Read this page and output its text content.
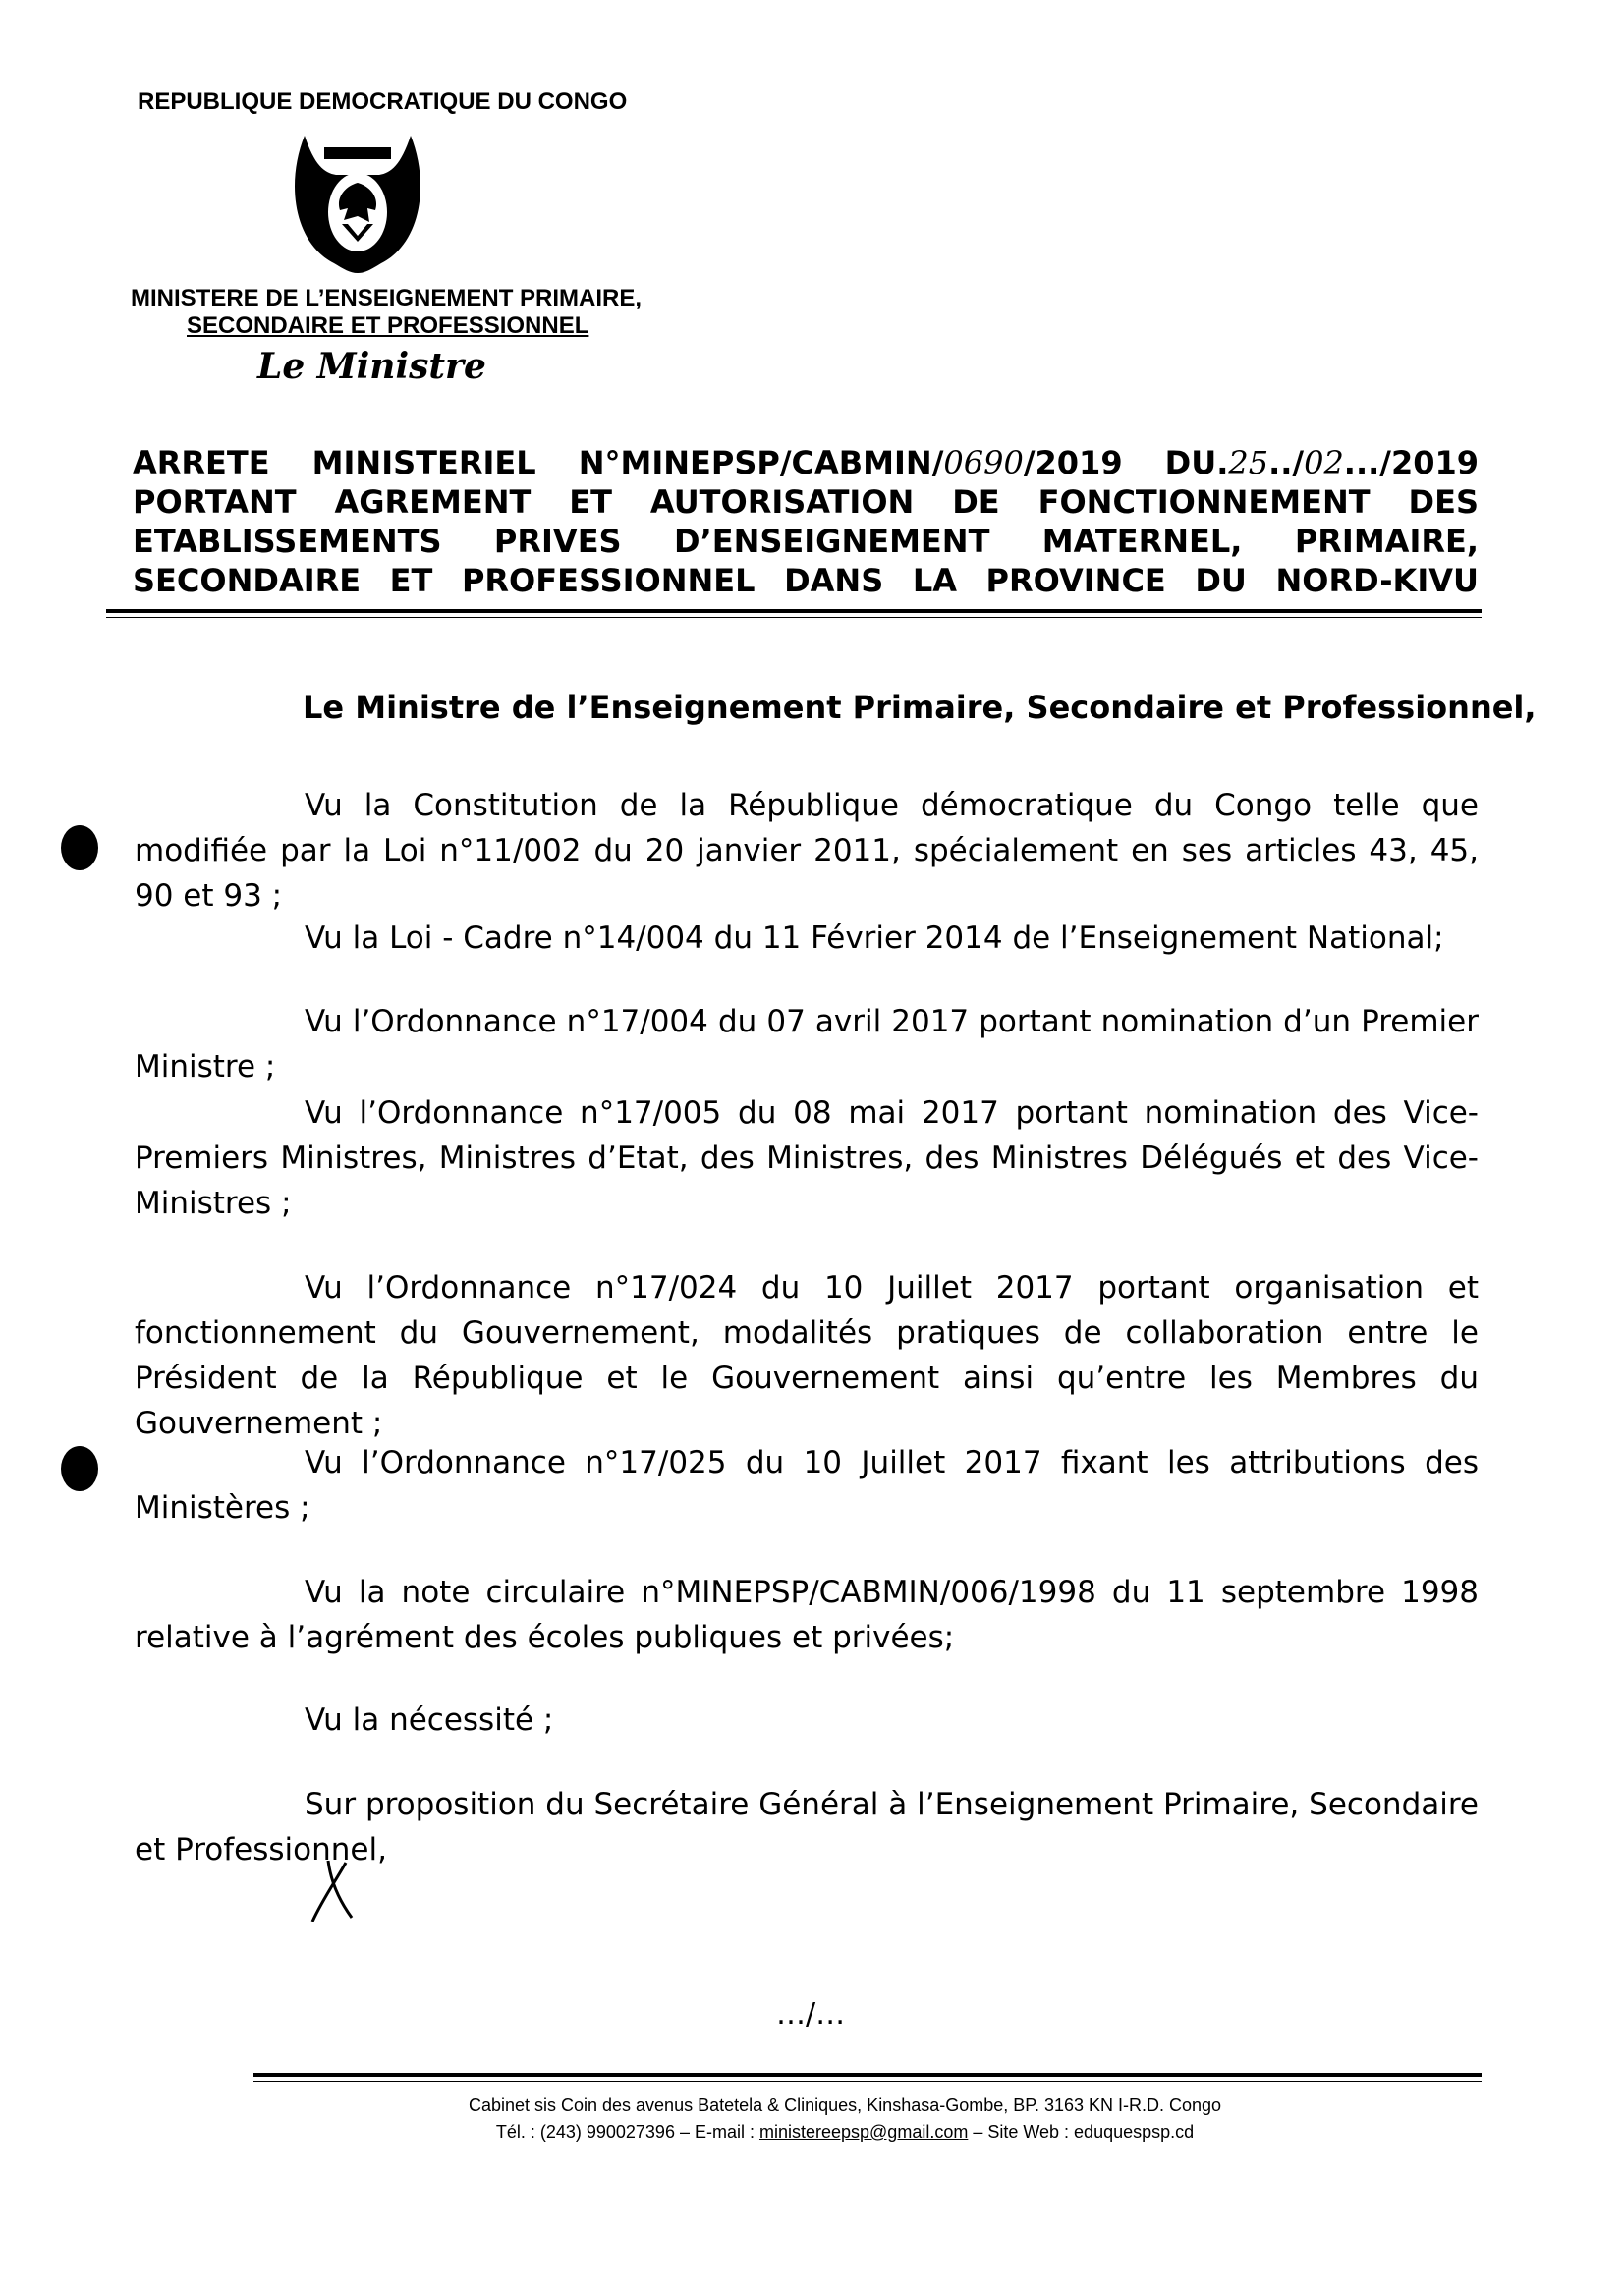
REPUBLIQUE DEMOCRATIQUE DU CONGO
MINISTERE DE L’ENSEIGNEMENT PRIMAIRE,
SECONDAIRE ET PROFESSIONNEL
Le Ministre
ARRETE MINISTERIEL N°MINEPSP/CABMIN/0690/2019 DU.25../02.../2019
PORTANT AGREMENT ET AUTORISATION DE FONCTIONNEMENT DES
ETABLISSEMENTS PRIVES D’ENSEIGNEMENT MATERNEL, PRIMAIRE,
SECONDAIRE ET PROFESSIONNEL DANS LA PROVINCE DU NORD-KIVU
Le Ministre de l’Enseignement Primaire, Secondaire et Professionnel,
Vu la Constitution de la République démocratique du Congo telle que modifiée par la Loi n°11/002 du 20 janvier 2011, spécialement en ses articles 43, 45, 90 et 93 ;
Vu la Loi - Cadre n°14/004 du 11 Février 2014 de l’Enseignement National;
Vu l’Ordonnance n°17/004 du 07 avril 2017 portant nomination d’un Premier Ministre ;
Vu l’Ordonnance n°17/005 du 08 mai 2017 portant nomination des Vice-Premiers Ministres, Ministres d’Etat, des Ministres, des Ministres Délégués et des Vice-Ministres ;
Vu l’Ordonnance n°17/024 du 10 Juillet 2017 portant organisation et fonctionnement du Gouvernement, modalités pratiques de collaboration entre le Président de la République et le Gouvernement ainsi qu’entre les Membres du Gouvernement ;
Vu l’Ordonnance n°17/025 du 10 Juillet 2017 fixant les attributions des Ministères ;
Vu la note circulaire n°MINEPSP/CABMIN/006/1998 du 11 septembre 1998 relative à l’agrément des écoles publiques et privées;
Vu la nécessité ;
Sur proposition du Secrétaire Général à l’Enseignement Primaire, Secondaire et Professionnel,
…/…
Cabinet sis Coin des avenus Batetela & Cliniques, Kinshasa-Gombe, BP. 3163 KN I-R.D. Congo
Tél. : (243) 990027396 – E-mail : ministereepsp@gmail.com – Site Web : eduquespsp.cd
